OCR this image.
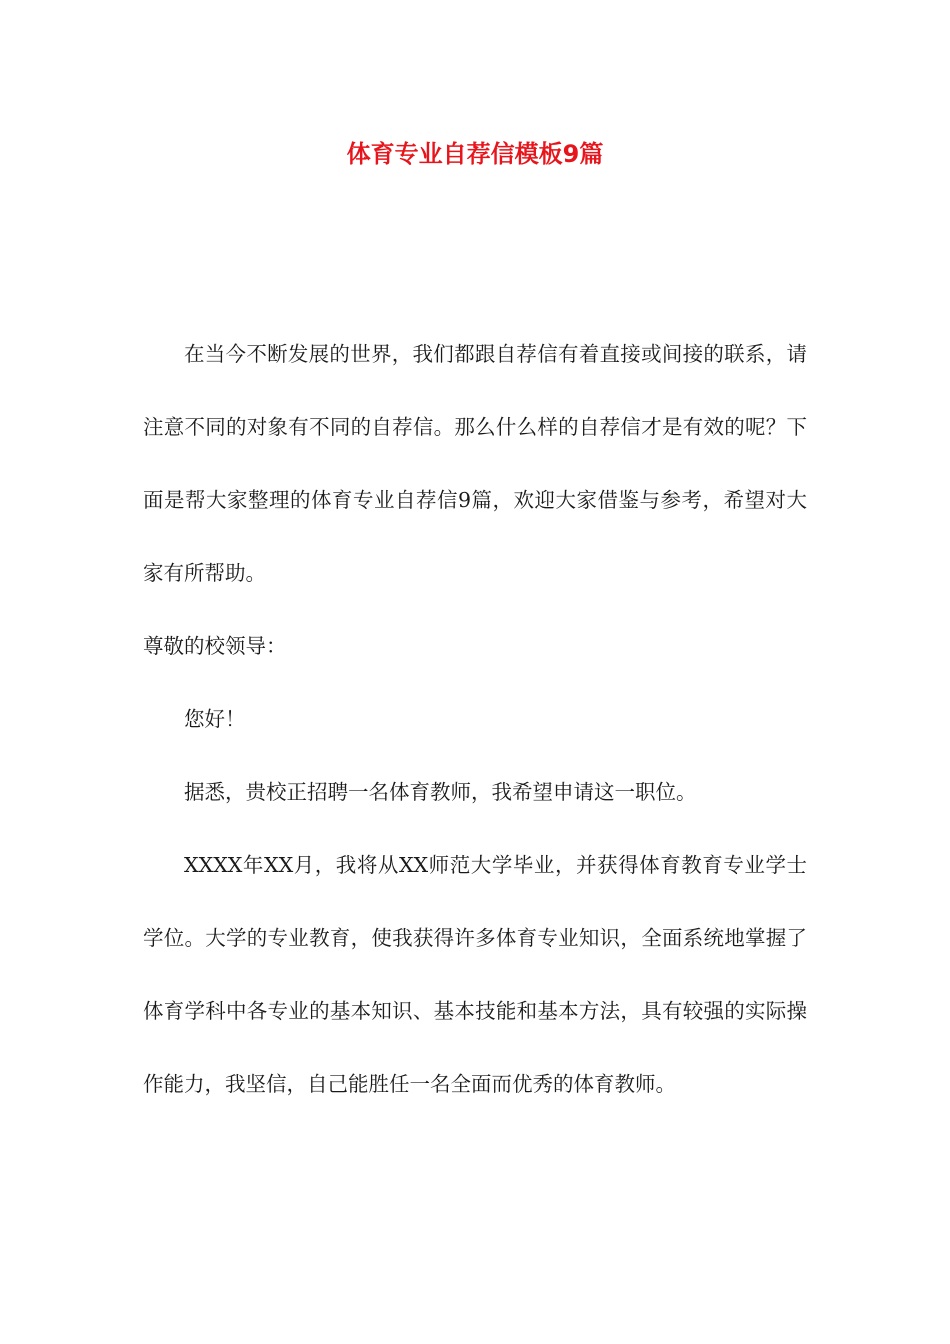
体育专业自荐信模板9篇

在当今不断发展的世界，我们都跟自荐信有着直接或间接的联系，请注意不同的对象有不同的自荐信。那么什么样的自荐信才是有效的呢？下面是帮大家整理的体育专业自荐信9篇，欢迎大家借鉴与参考，希望对大家有所帮助。

尊敬的校领导：

您好！

据悉，贵校正招聘一名体育教师，我希望申请这一职位。

XXXX年XX月，我将从XX师范大学毕业，并获得体育教育专业学士学位。大学的专业教育，使我获得许多体育专业知识，全面系统地掌握了体育学科中各专业的基本知识、基本技能和基本方法，具有较强的实际操作能力，我坚信，自己能胜任一名全面而优秀的体育教师。
